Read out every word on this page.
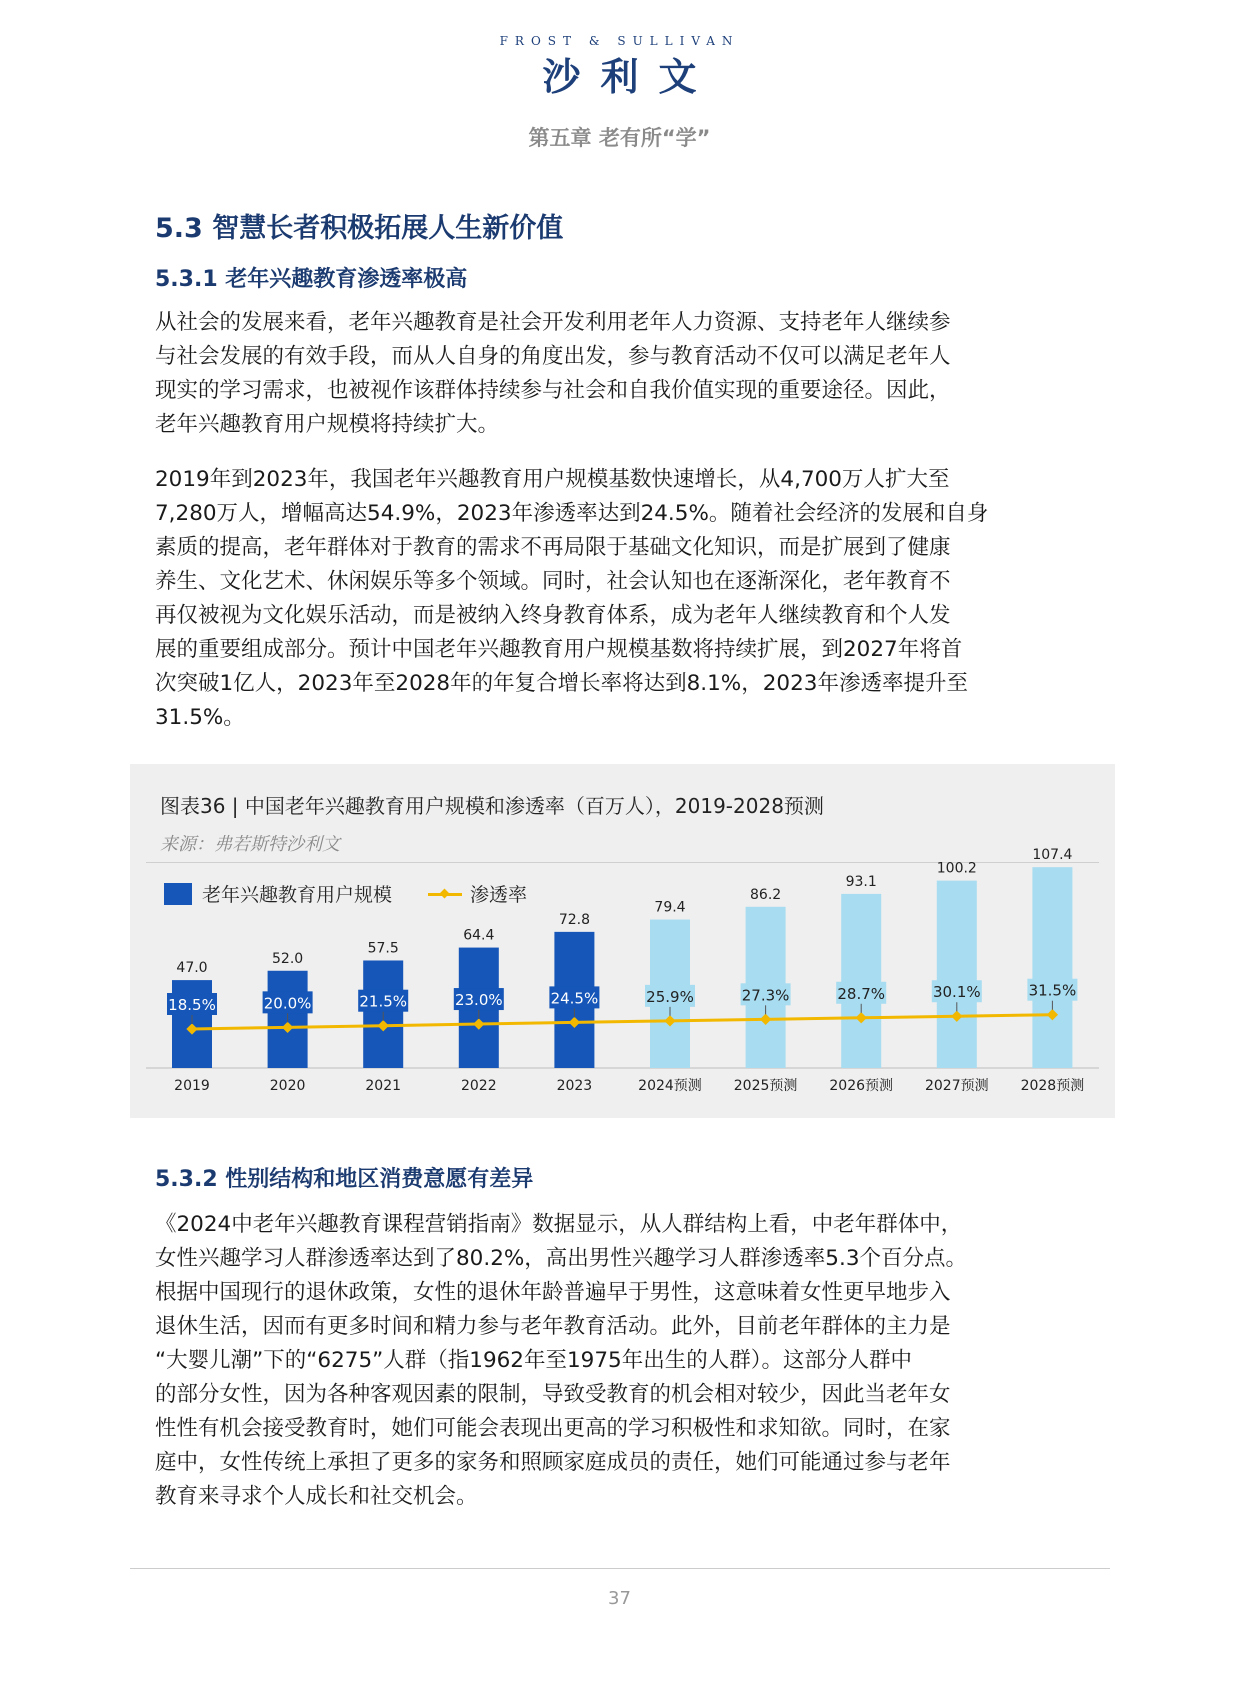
FROST & SULLIVAN
沙利文
第五章 老有所“学”
5.3 智慧长者积极拓展人生新价值
5.3.1 老年兴趣教育渗透率极高
从社会的发展来看，老年兴趣教育是社会开发利用老年人力资源、支持老年人继续参
与社会发展的有效手段，而从人自身的角度出发，参与教育活动不仅可以满足老年人
现实的学习需求，也被视作该群体持续参与社会和自我价值实现的重要途径。因此，
老年兴趣教育用户规模将持续扩大。
2019年到2023年，我国老年兴趣教育用户规模基数快速增长，从4,700万人扩大至
7,280万人，增幅高达54.9%，2023年渗透率达到24.5%。随着社会经济的发展和自身
素质的提高，老年群体对于教育的需求不再局限于基础文化知识，而是扩展到了健康
养生、文化艺术、休闲娱乐等多个领域。同时，社会认知也在逐渐深化，老年教育不
再仅被视为文化娱乐活动，而是被纳入终身教育体系，成为老年人继续教育和个人发
展的重要组成部分。预计中国老年兴趣教育用户规模基数将持续扩展，到2027年将首
次突破1亿人，2023年至2028年的年复合增长率将达到8.1%，2023年渗透率提升至
31.5%。
图表36 | 中国老年兴趣教育用户规模和渗透率（百万人），2019-2028预测
来源：弗若斯特沙利文
老年兴趣教育用户规模	渗透率
47.0
2019
52.0
2020
57.5
2021
64.4
2022
72.8
2023
79.4
2024预测
86.2
2025预测
93.1
2026预测
100.2
2027预测
107.4
2028预测
18.5%	20.0%	21.5%	23.0%	24.5%	25.9%	27.3%	28.7%	30.1%	31.5%
5.3.2 性别结构和地区消费意愿有差异
《2024中老年兴趣教育课程营销指南》数据显示，从人群结构上看，中老年群体中，
女性兴趣学习人群渗透率达到了80.2%，高出男性兴趣学习人群渗透率5.3个百分点。
根据中国现行的退休政策，女性的退休年龄普遍早于男性，这意味着女性更早地步入
退休生活，因而有更多时间和精力参与老年教育活动。此外，目前老年群体的主力是
“大婴儿潮”下的“6275”人群（指1962年至1975年出生的人群）。这部分人群中
的部分女性，因为各种客观因素的限制，导致受教育的机会相对较少，因此当老年女
性性有机会接受教育时，她们可能会表现出更高的学习积极性和求知欲。同时，在家
庭中，女性传统上承担了更多的家务和照顾家庭成员的责任，她们可能通过参与老年
教育来寻求个人成长和社交机会。
37
